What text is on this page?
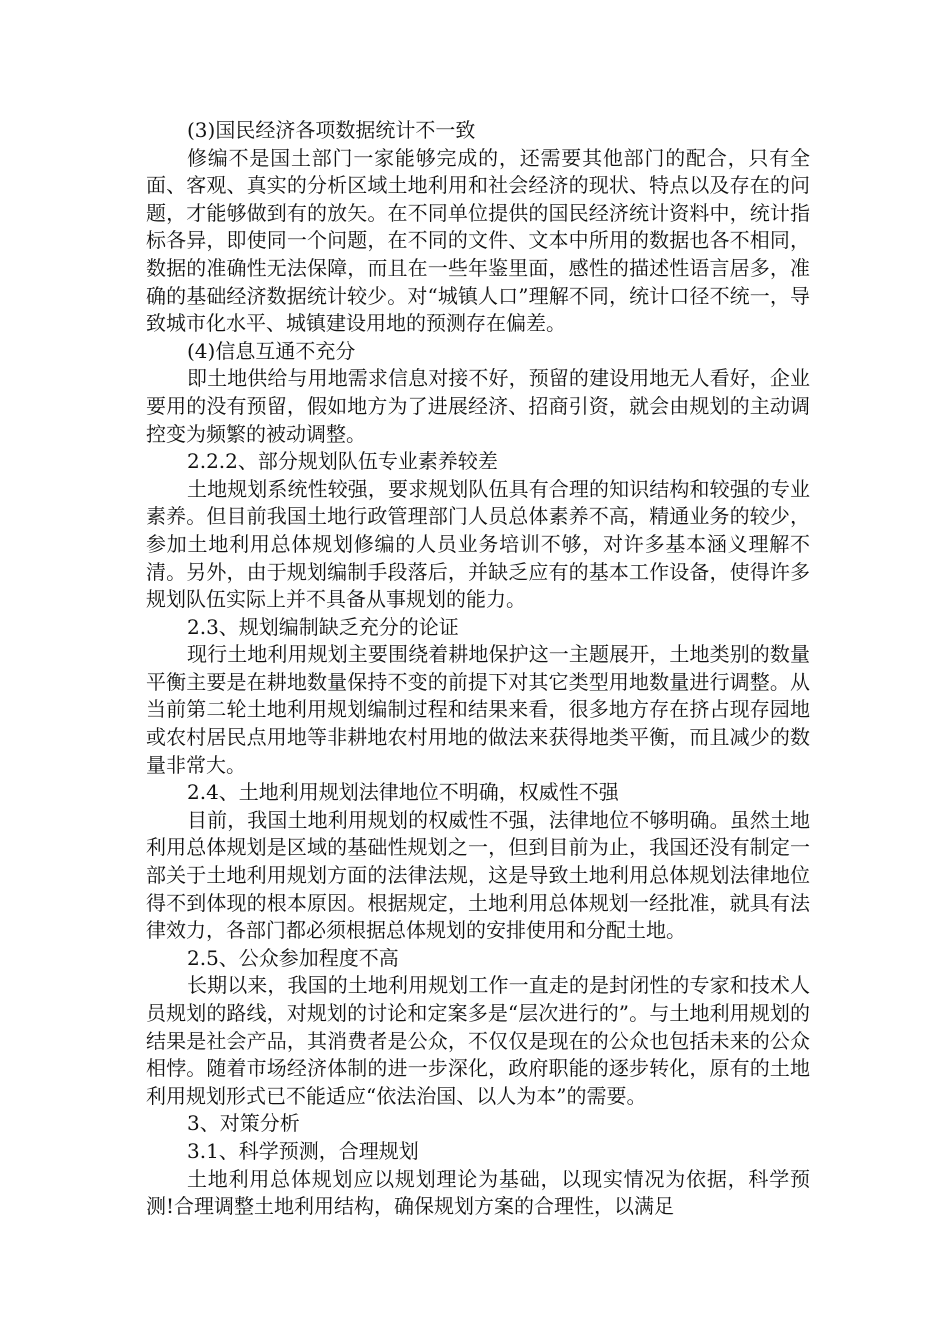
(3)国民经济各项数据统计不一致

修编不是国土部门一家能够完成的，还需要其他部门的配合，只有全面、客观、真实的分析区域土地利用和社会经济的现状、特点以及存在的问题，才能够做到有的放矢。在不同单位提供的国民经济统计资料中，统计指标各异，即使同一个问题，在不同的文件、文本中所用的数据也各不相同，数据的准确性无法保障，而且在一些年鉴里面，感性的描述性语言居多，准确的基础经济数据统计较少。对“城镇人口”理解不同，统计口径不统一，导致城市化水平、城镇建设用地的预测存在偏差。

(4)信息互通不充分

即土地供给与用地需求信息对接不好，预留的建设用地无人看好，企业要用的没有预留，假如地方为了进展经济、招商引资，就会由规划的主动调控变为频繁的被动调整。

2.2.2、部分规划队伍专业素养较差

土地规划系统性较强，要求规划队伍具有合理的知识结构和较强的专业素养。但目前我国土地行政管理部门人员总体素养不高，精通业务的较少，参加土地利用总体规划修编的人员业务培训不够，对许多基本涵义理解不清。另外，由于规划编制手段落后，并缺乏应有的基本工作设备，使得许多规划队伍实际上并不具备从事规划的能力。

2.3、规划编制缺乏充分的论证

现行土地利用规划主要围绕着耕地保护这一主题展开，土地类别的数量平衡主要是在耕地数量保持不变的前提下对其它类型用地数量进行调整。从当前第二轮土地利用规划编制过程和结果来看，很多地方存在挤占现存园地或农村居民点用地等非耕地农村用地的做法来获得地类平衡，而且减少的数量非常大。

2.4、土地利用规划法律地位不明确，权威性不强

目前，我国土地利用规划的权威性不强，法律地位不够明确。虽然土地利用总体规划是区域的基础性规划之一，但到目前为止，我国还没有制定一部关于土地利用规划方面的法律法规，这是导致土地利用总体规划法律地位得不到体现的根本原因。根据规定，土地利用总体规划一经批准，就具有法律效力，各部门都必须根据总体规划的安排使用和分配土地。

2.5、公众参加程度不高

长期以来，我国的土地利用规划工作一直走的是封闭性的专家和技术人员规划的路线，对规划的讨论和定案多是“层次进行的”。与土地利用规划的结果是社会产品，其消费者是公众，不仅仅是现在的公众也包括未来的公众相悖。随着市场经济体制的进一步深化，政府职能的逐步转化，原有的土地利用规划形式已不能适应“依法治国、以人为本”的需要。

3、对策分析

3.1、科学预测，合理规划

土地利用总体规划应以规划理论为基础，以现实情况为依据，科学预测!合理调整土地利用结构，确保规划方案的合理性，以满足
